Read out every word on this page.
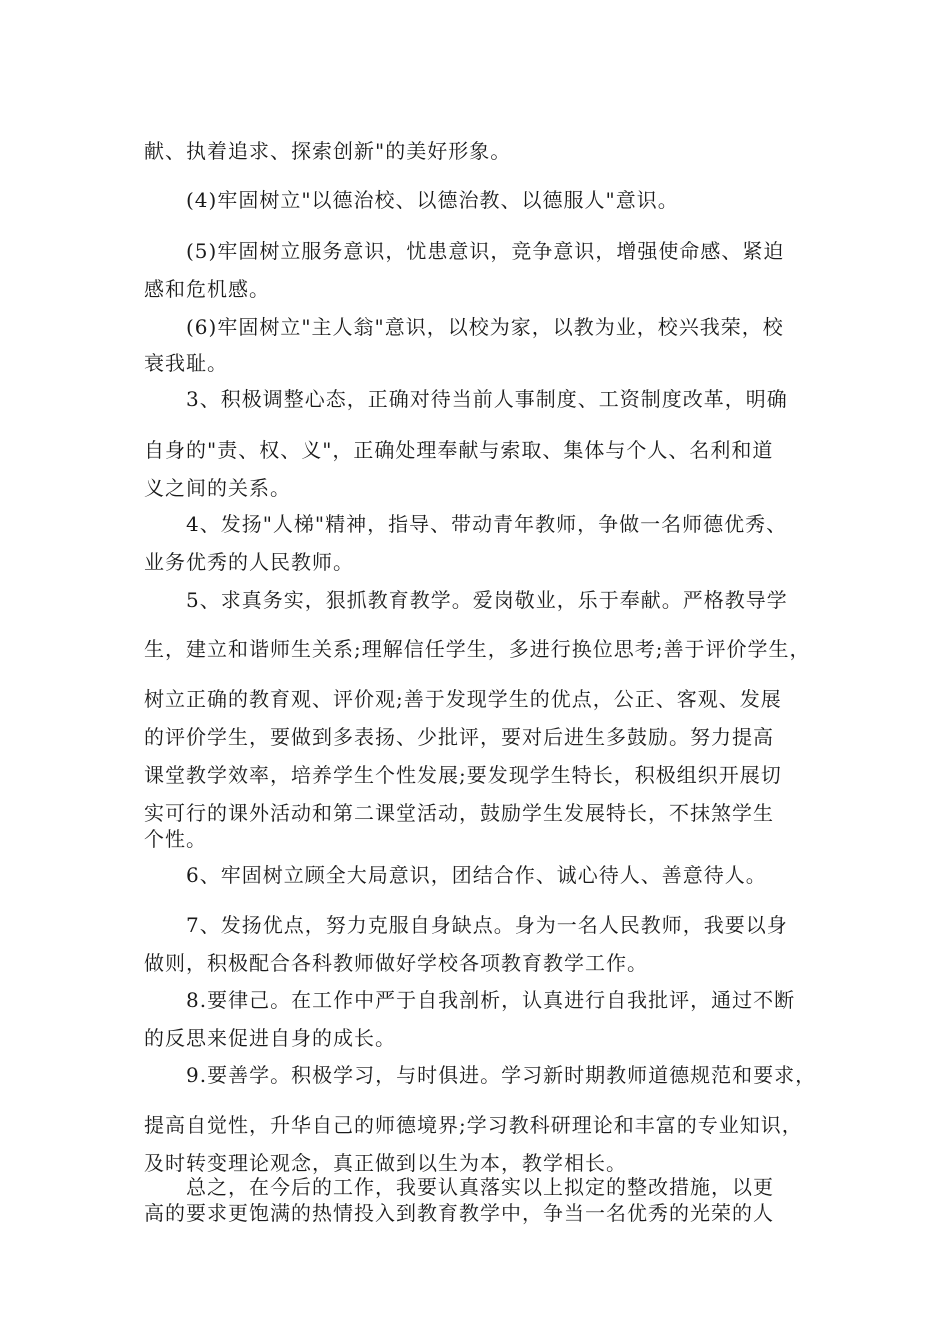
献、执着追求、探索创新"的美好形象。
(4)牢固树立"以德治校、以德治教、以德服人"意识。
(5)牢固树立服务意识，忧患意识，竞争意识，增强使命感、紧迫
感和危机感。
(6)牢固树立"主人翁"意识，以校为家，以教为业，校兴我荣，校
衰我耻。
3、积极调整心态，正确对待当前人事制度、工资制度改革，明确
自身的"责、权、义"，正确处理奉献与索取、集体与个人、名利和道
义之间的关系。
4、发扬"人梯"精神，指导、带动青年教师，争做一名师德优秀、
业务优秀的人民教师。
5、求真务实，狠抓教育教学。爱岗敬业，乐于奉献。严格教导学
生，建立和谐师生关系;理解信任学生，多进行换位思考;善于评价学生，
树立正确的教育观、评价观;善于发现学生的优点，公正、客观、发展
的评价学生，要做到多表扬、少批评，要对后进生多鼓励。努力提高
课堂教学效率，培养学生个性发展;要发现学生特长，积极组织开展切
实可行的课外活动和第二课堂活动，鼓励学生发展特长，不抹煞学生
个性。
6、牢固树立顾全大局意识，团结合作、诚心待人、善意待人。
7、发扬优点，努力克服自身缺点。身为一名人民教师，我要以身
做则，积极配合各科教师做好学校各项教育教学工作。
8.要律己。在工作中严于自我剖析，认真进行自我批评，通过不断
的反思来促进自身的成长。
9.要善学。积极学习，与时俱进。学习新时期教师道德规范和要求，
提高自觉性，升华自己的师德境界;学习教科研理论和丰富的专业知识，
及时转变理论观念，真正做到以生为本，教学相长。
总之，在今后的工作，我要认真落实以上拟定的整改措施，以更
高的要求更饱满的热情投入到教育教学中，争当一名优秀的光荣的人
